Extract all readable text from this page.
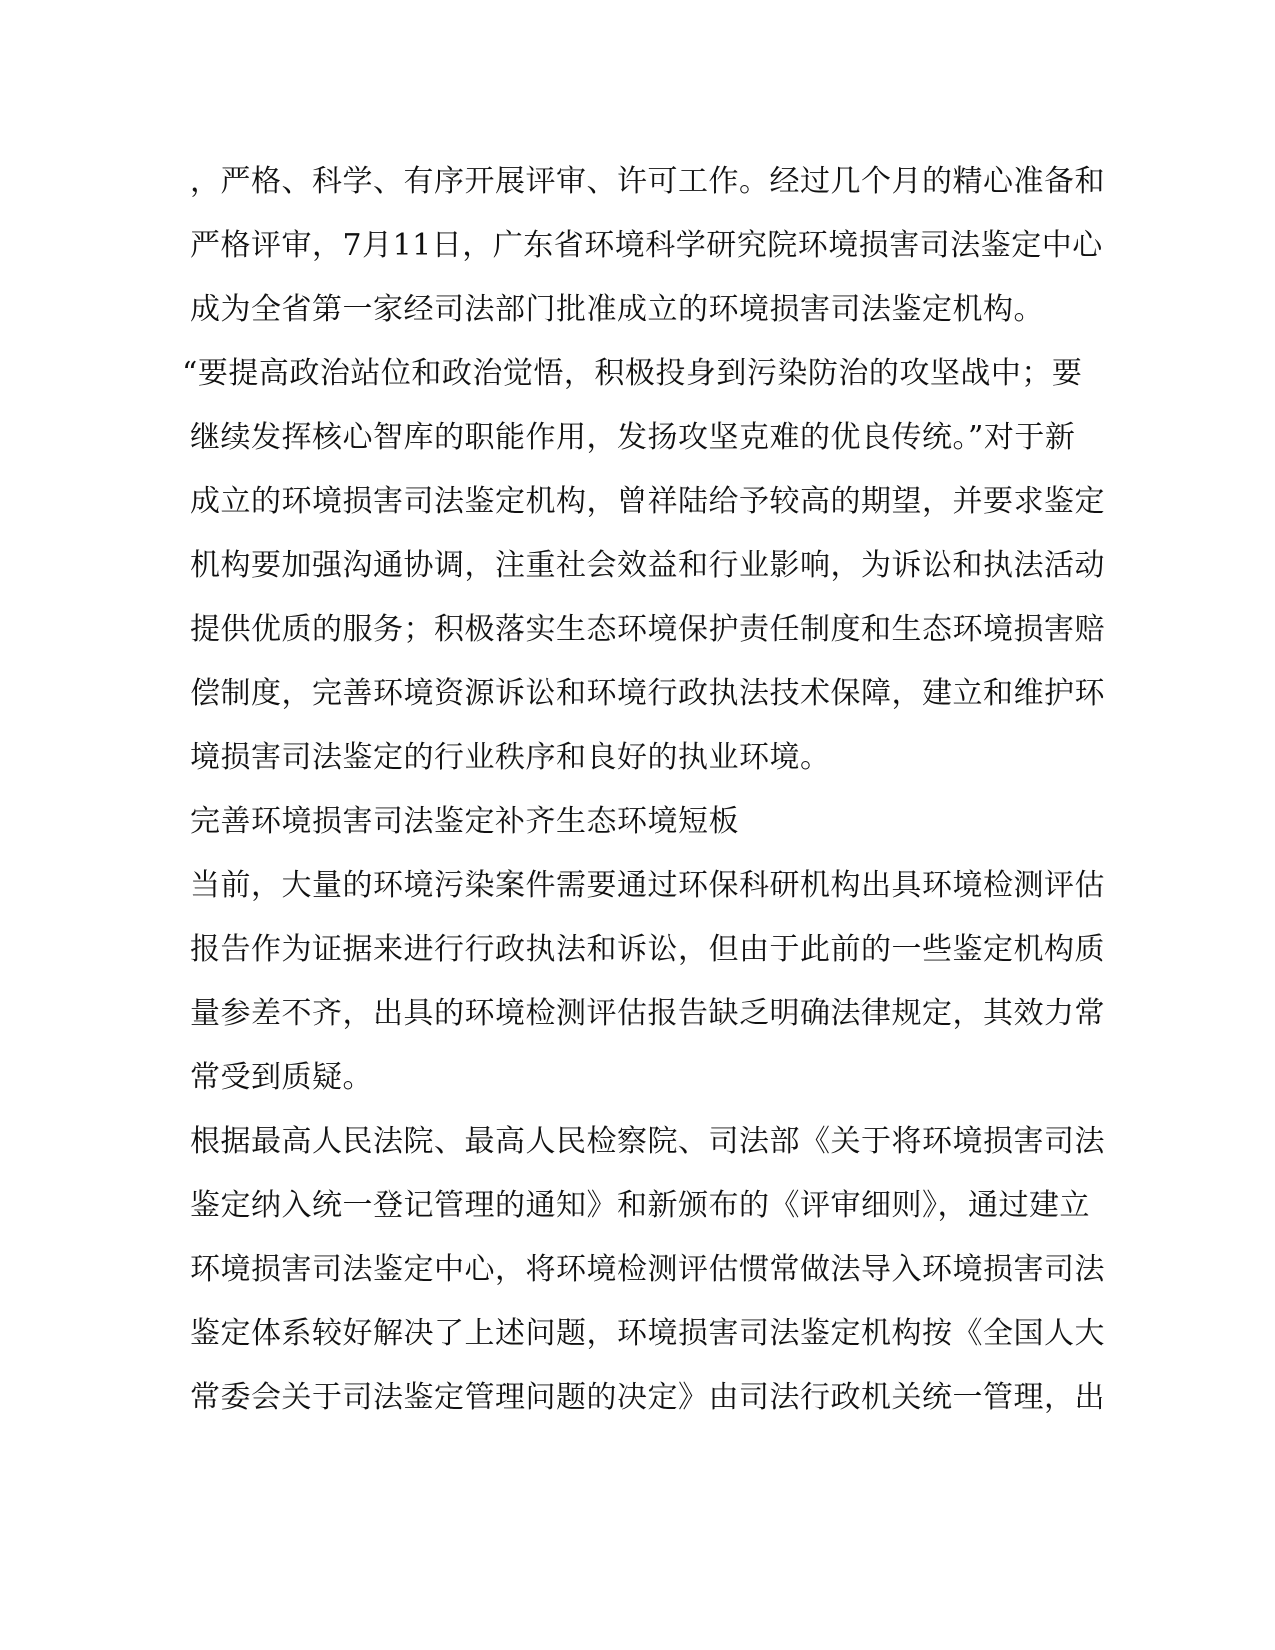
，严格、科学、有序开展评审、许可工作。经过几个月的精心准备和
严格评审，7月11日，广东省环境科学研究院环境损害司法鉴定中心
成为全省第一家经司法部门批准成立的环境损害司法鉴定机构。
“要提高政治站位和政治觉悟，积极投身到污染防治的攻坚战中；要
继续发挥核心智库的职能作用，发扬攻坚克难的优良传统。”对于新
成立的环境损害司法鉴定机构，曾祥陆给予较高的期望，并要求鉴定
机构要加强沟通协调，注重社会效益和行业影响，为诉讼和执法活动
提供优质的服务；积极落实生态环境保护责任制度和生态环境损害赔
偿制度，完善环境资源诉讼和环境行政执法技术保障，建立和维护环
境损害司法鉴定的行业秩序和良好的执业环境。
完善环境损害司法鉴定补齐生态环境短板
当前，大量的环境污染案件需要通过环保科研机构出具环境检测评估
报告作为证据来进行行政执法和诉讼，但由于此前的一些鉴定机构质
量参差不齐，出具的环境检测评估报告缺乏明确法律规定，其效力常
常受到质疑。
根据最高人民法院、最高人民检察院、司法部《关于将环境损害司法
鉴定纳入统一登记管理的通知》和新颁布的《评审细则》，通过建立
环境损害司法鉴定中心，将环境检测评估惯常做法导入环境损害司法
鉴定体系较好解决了上述问题，环境损害司法鉴定机构按《全国人大
常委会关于司法鉴定管理问题的决定》由司法行政机关统一管理，出
